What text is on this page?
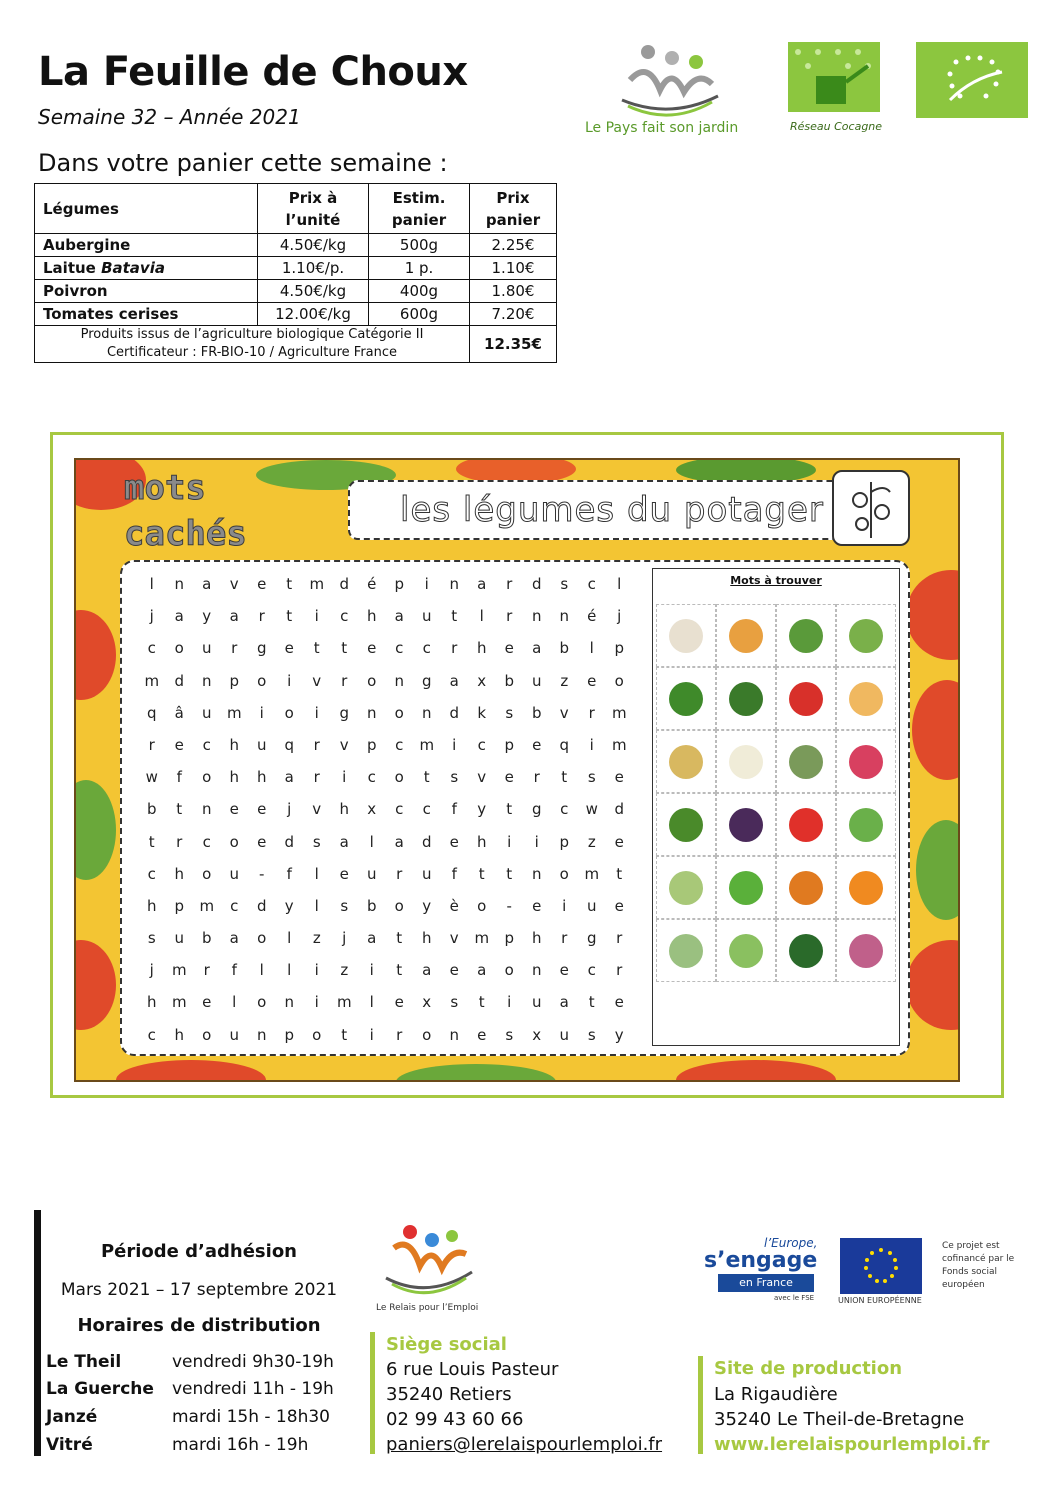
La Feuille de Choux
Semaine 32 – Année 2021
Dans votre panier cette semaine :
Le Pays fait son jardin	Réseau Cocagne
Légumes	Prix à l’unité	Estim. panier	Prix panier
Aubergine	4.50€/kg	500g	2.25€
Laitue Batavia	1.10€/p.	1 p.	1.10€
Poivron	4.50€/kg	400g	1.80€
Tomates cerises	12.00€/kg	600g	7.20€

Produits issus de l’agriculture biologique Catégorie II
Certificateur : FR-BIO-10 / Agriculture France			12.35€
mots
cachés
les légumes du potager
l	n	a	v	e	t	m	d	é	p	i	n	a	r	d	s	c	l
j	a	y	a	r	t	i	c	h	a	u	t	l	r	n	n	é	j
c	o	u	r	g	e	t	t	e	c	c	r	h	e	a	b	l	p
m	d	n	p	o	i	v	r	o	n	g	a	x	b	u	z	e	o
q	â	u	m	i	o	i	g	n	o	n	d	k	s	b	v	r	m
r	e	c	h	u	q	r	v	p	c	m	i	c	p	e	q	i	m
w	f	o	h	h	a	r	i	c	o	t	s	v	e	r	t	s	e
b	t	n	e	e	j	v	h	x	c	c	f	y	t	g	c	w	d
t	r	c	o	e	d	s	a	l	a	d	e	h	i	i	p	z	e
c	h	o	u	-	f	l	e	u	r	u	f	t	t	n	o	m	t
h	p	m	c	d	y	l	s	b	o	y	è	o	-	e	i	u	e
s	u	b	a	o	l	z	j	a	t	h	v	m	p	h	r	g	r
j	m	r	f	l	l	i	z	i	t	a	e	a	o	n	e	c	r
h	m	e	l	o	n	i	m	l	e	x	s	t	i	u	a	t	e
c	h	o	u	n	p	o	t	i	r	o	n	e	s	x	u	s	y
Mots à trouver
Période d’adhésion
Mars 2021 – 17 septembre 2021
Horaires de distribution
Le Theil	vendredi 9h30-19h
La Guerche vendredi 11h - 19h
Janzé	mardi 15h - 18h30
Vitré	mardi 16h - 19h
Le Relais pour l’Emploi
Siège social
6 rue Louis Pasteur
35240 Retiers
02 99 43 60 66
paniers@lerelaispourlemploi.fr
Site de production
La Rigaudière
35240 Le Theil-de-Bretagne
www.lerelaispourlemploi.fr
l’Europe,
s’engage
en France
avec le FSE	UNION EUROPÉENNE
Ce projet est cofinancé par le Fonds social européen
